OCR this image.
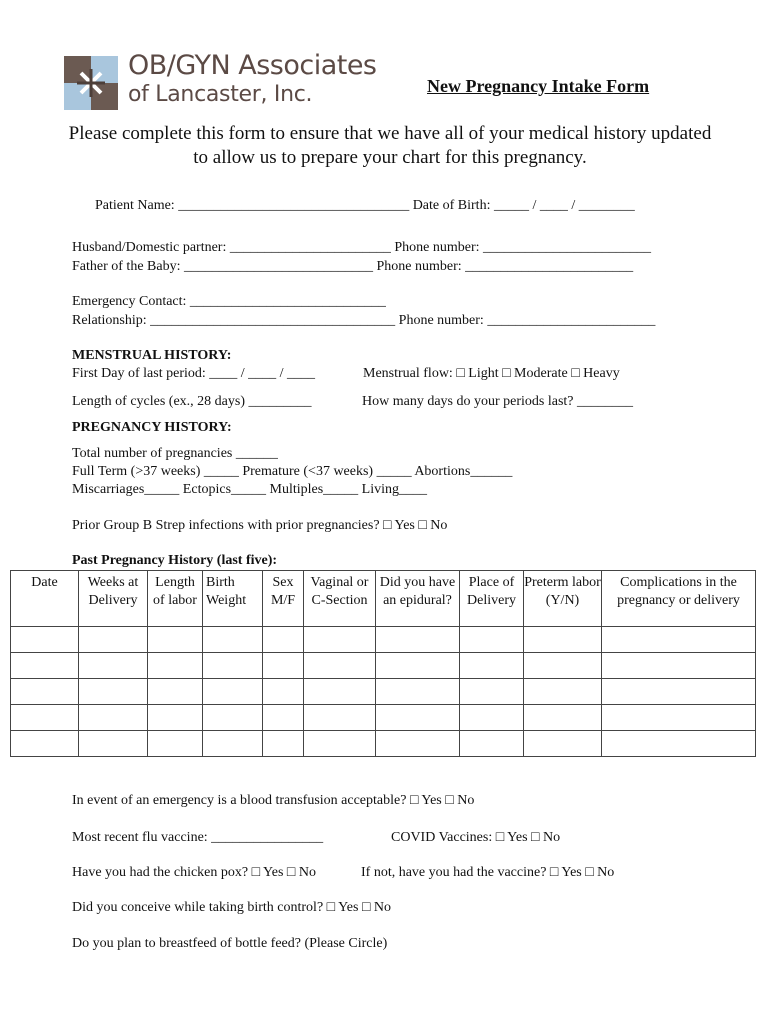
OB/GYN Associates
of Lancaster, Inc.	New Pregnancy Intake Form
Please complete this form to ensure that we have all of your medical history updated to allow us to prepare your chart for this pregnancy.
Patient Name: _________________________________ Date of Birth: _____ / ____ / ________
Husband/Domestic partner: _______________________ Phone number: ________________________
Father of the Baby: ___________________________ Phone number: ________________________
Emergency Contact: ____________________________
Relationship: ___________________________________ Phone number: ________________________
MENSTRUAL HISTORY:
First Day of last period: ____ / ____ / ____	Menstrual flow: □ Light □ Moderate □ Heavy
Length of cycles (ex., 28 days) _________	How many days do your periods last? ________
PREGNANCY HISTORY:
Total number of pregnancies ______
Full Term (>37 weeks) _____ Premature (<37 weeks) _____ Abortions______
Miscarriages_____ Ectopics_____ Multiples_____ Living____
Prior Group B Strep infections with prior pregnancies? □ Yes □ No
Past Pregnancy History (last five):
Date	Weeks at Delivery	Length of labor	Birth Weight	Sex M/F	Vaginal or C-Section	Did you have an epidural?	Place of Delivery	Preterm labor (Y/N)	Complications in the pregnancy or delivery

In event of an emergency is a blood transfusion acceptable? □ Yes □ No
Most recent flu vaccine: ________________	COVID Vaccines: □ Yes □ No
Have you had the chicken pox? □ Yes □ No	If not, have you had the vaccine? □ Yes □ No
Did you conceive while taking birth control? □ Yes □ No
Do you plan to breastfeed of bottle feed? (Please Circle)
